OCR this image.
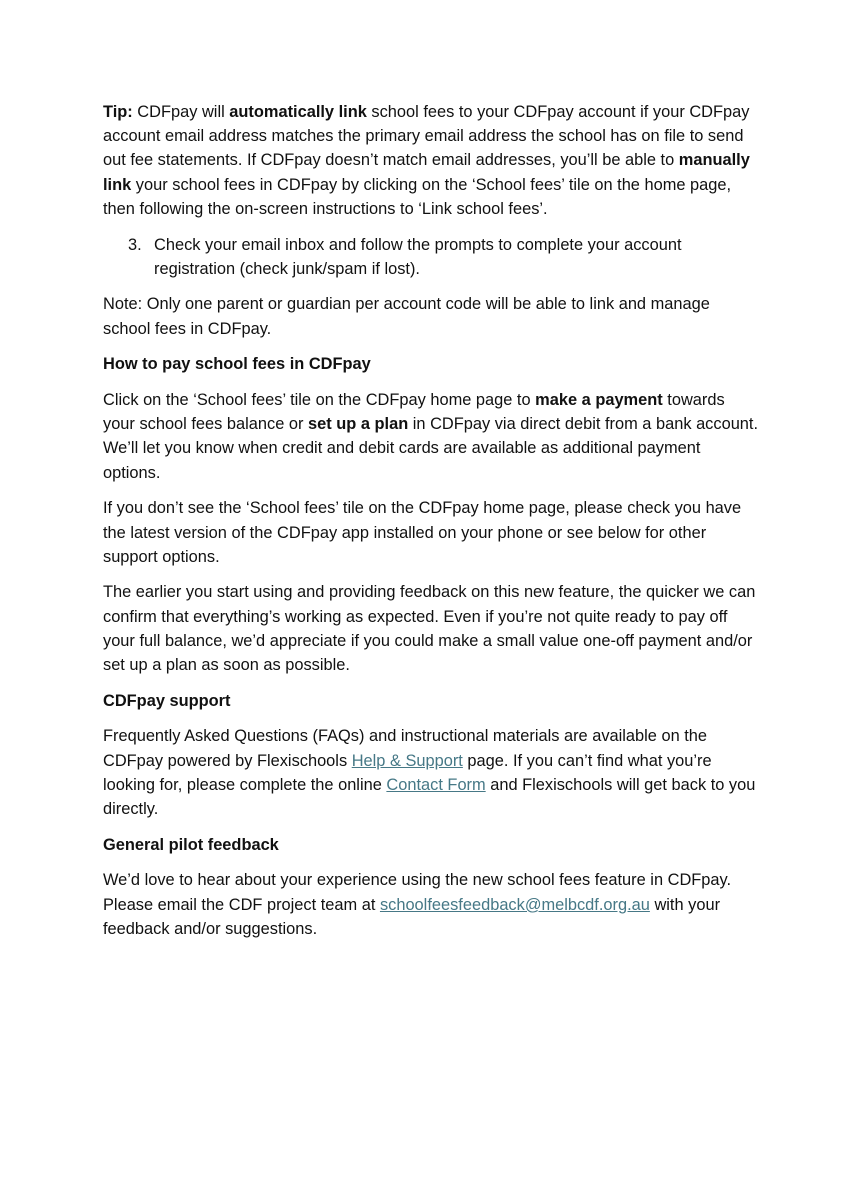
Tip: CDFpay will automatically link school fees to your CDFpay account if your CDFpay account email address matches the primary email address the school has on file to send out fee statements. If CDFpay doesn’t match email addresses, you’ll be able to manually link your school fees in CDFpay by clicking on the ‘School fees’ tile on the home page, then following the on-screen instructions to ‘Link school fees’.

3. Check your email inbox and follow the prompts to complete your account registration (check junk/spam if lost).

Note: Only one parent or guardian per account code will be able to link and manage school fees in CDFpay.

How to pay school fees in CDFpay

Click on the ‘School fees’ tile on the CDFpay home page to make a payment towards your school fees balance or set up a plan in CDFpay via direct debit from a bank account. We’ll let you know when credit and debit cards are available as additional payment options.

If you don’t see the ‘School fees’ tile on the CDFpay home page, please check you have the latest version of the CDFpay app installed on your phone or see below for other support options.

The earlier you start using and providing feedback on this new feature, the quicker we can confirm that everything’s working as expected. Even if you’re not quite ready to pay off your full balance, we’d appreciate if you could make a small value one-off payment and/or set up a plan as soon as possible.

CDFpay support

Frequently Asked Questions (FAQs) and instructional materials are available on the CDFpay powered by Flexischools Help & Support page. If you can’t find what you’re looking for, please complete the online Contact Form and Flexischools will get back to you directly.

General pilot feedback

We’d love to hear about your experience using the new school fees feature in CDFpay. Please email the CDF project team at schoolfeesfeedback@melbcdf.org.au with your feedback and/or suggestions.
